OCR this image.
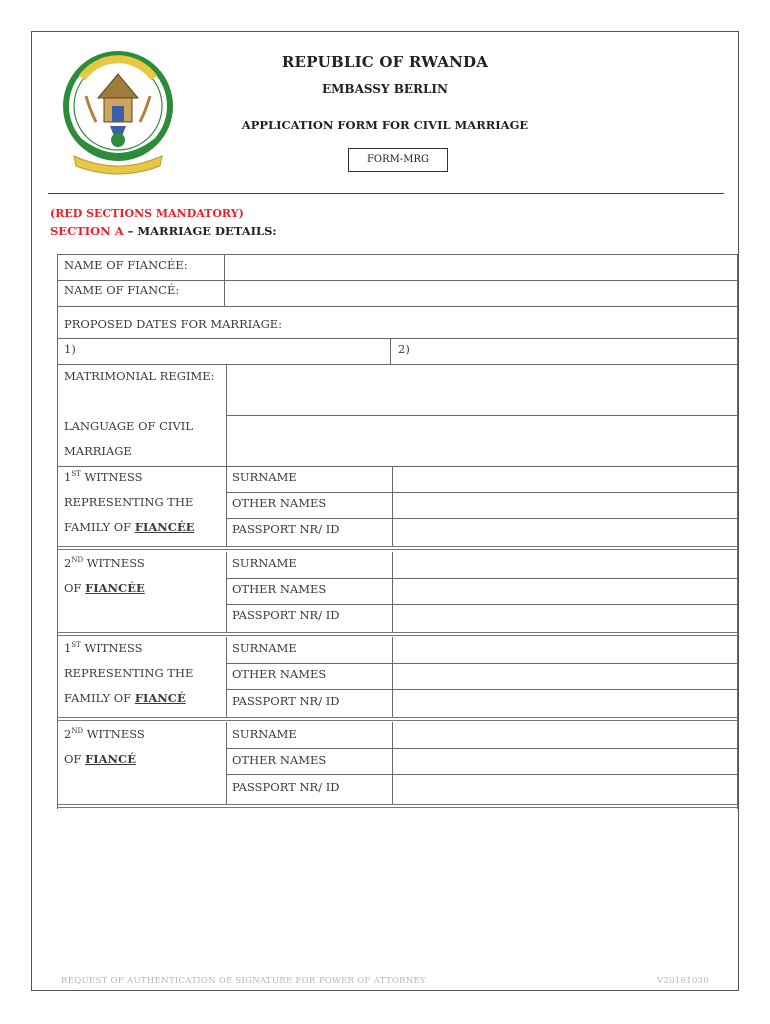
REPUBLIC OF RWANDA
EMBASSY BERLIN
APPLICATION FORM FOR CIVIL MARRIAGE
FORM-MRG
(RED SECTIONS MANDATORY)
SECTION A – MARRIAGE DETAILS:
NAME OF FIANCÉE:
NAME OF FIANCÉ:
PROPOSED DATES FOR MARRIAGE:
1)	2)
MATRIMONIAL REGIME:
LANGUAGE OF CIVIL
MARRIAGE
1ST WITNESS
REPRESENTING THE
FAMILY OF FIANCÉE
SURNAME
OTHER NAMES
PASSPORT NR/ ID
2ND WITNESS
OF FIANCÉE
SURNAME
OTHER NAMES
PASSPORT NR/ ID
1ST WITNESS
REPRESENTING THE
FAMILY OF FIANCÉ
SURNAME
OTHER NAMES
PASSPORT NR/ ID
2ND WITNESS
OF FIANCÉ
SURNAME
OTHER NAMES
PASSPORT NR/ ID
REQUEST OF AUTHENTICATION OF SIGNATURE FOR POWER OF ATTORNEY	V20161030
